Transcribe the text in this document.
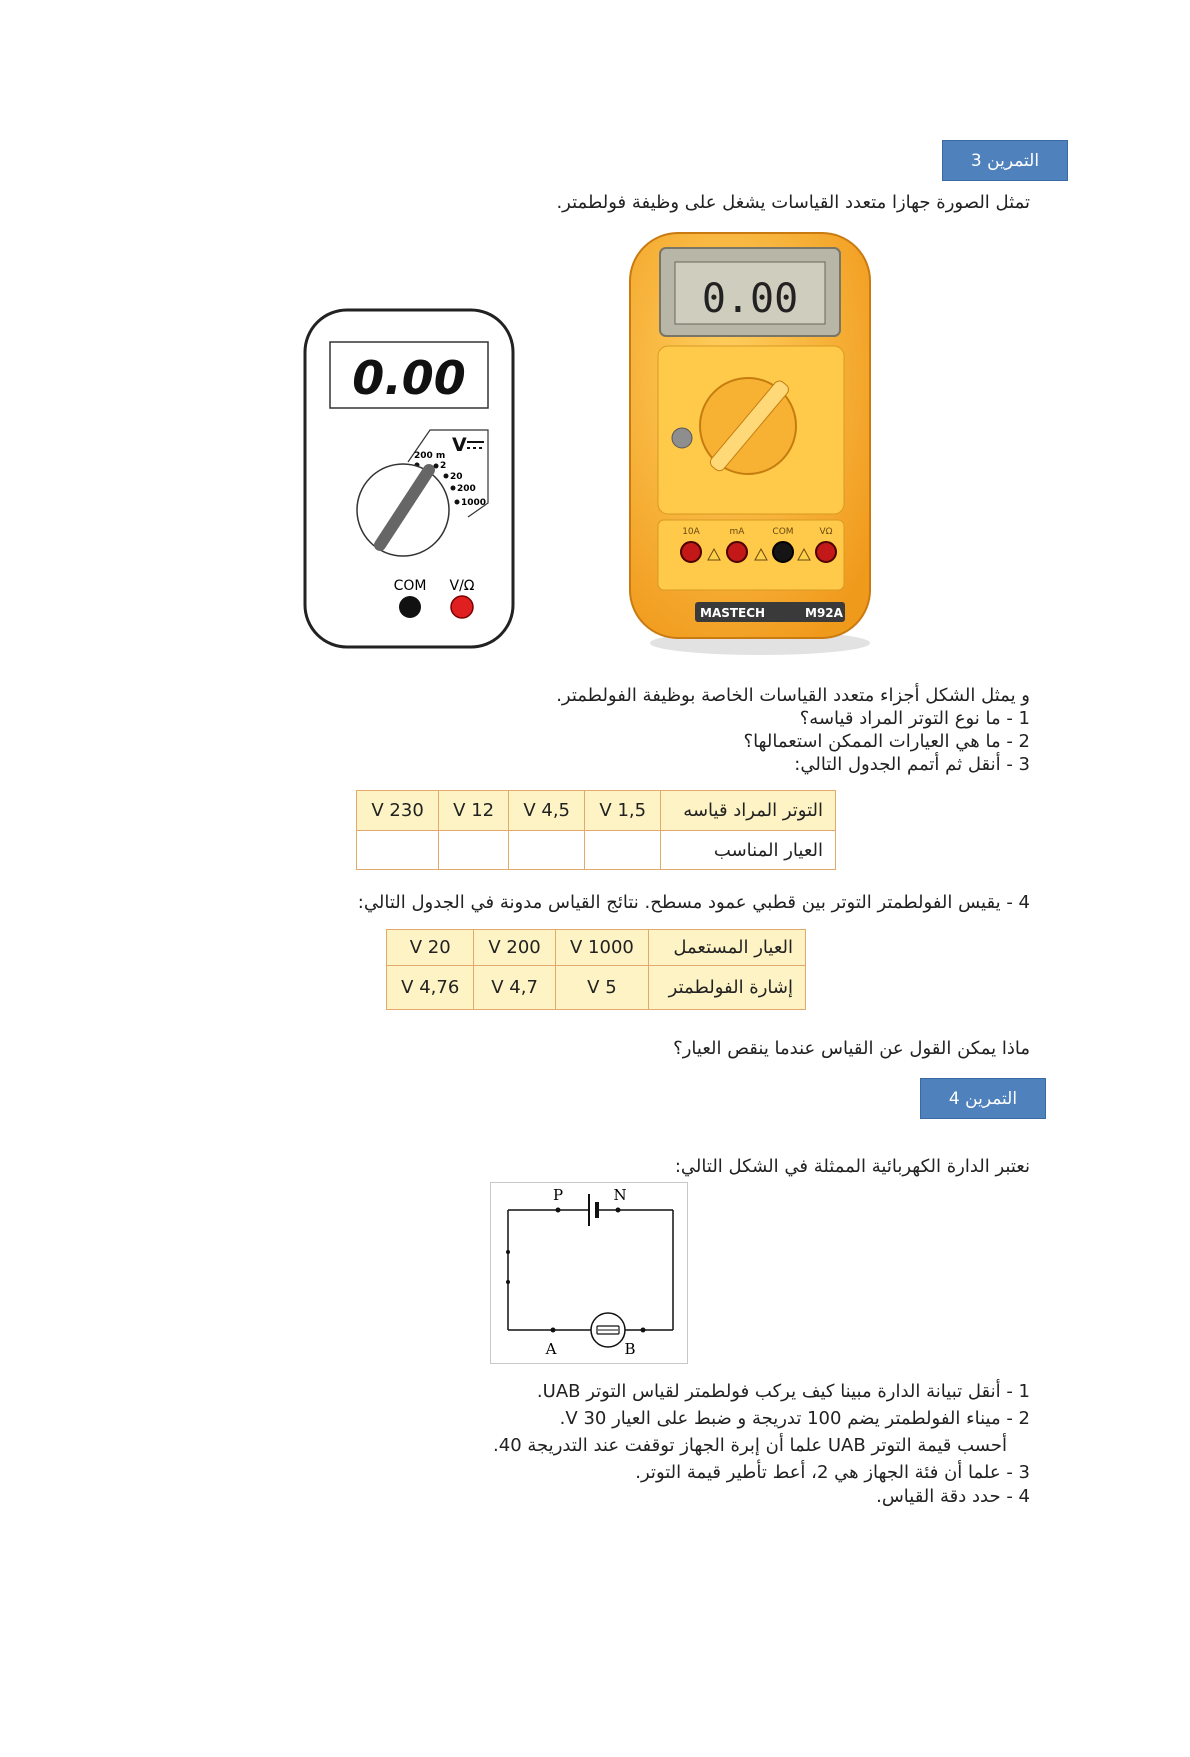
التمرين 3
تمثل الصورة جهازا متعدد القياسات يشغل على وظيفة فولطمتر.
0.00
V
200 m
2
20
200
1000
COM V/Ω
0.00
10A	mA	COM	VΩ
MASTECH	M92A
و يمثل الشكل أجزاء متعدد القياسات الخاصة بوظيفة الفولطمتر.
1 - ما نوع التوتر المراد قياسه؟
2 - ما هي العيارات الممكن استعمالها؟
3 - أنقل ثم أتمم الجدول التالي:
التوتر المراد قياسه	1,5 V	4,5 V	12 V	230 V
العيار المناسب				
4 - يقيس الفولطمتر التوتر بين قطبي عمود مسطح. نتائج القياس مدونة في الجدول التالي:
العيار المستعمل	1000 V	200 V	20 V
إشارة الفولطمتر	5 V	4,7 V	4,76 V
ماذا يمكن القول عن القياس عندما ينقص العيار؟
التمرين 4
نعتبر الدارة الكهربائية الممثلة في الشكل التالي:
P	N
A	B
1 - أنقل تبيانة الدارة مبينا كيف يركب فولطمتر لقياس التوتر UAB.
2 - ميناء الفولطمتر يضم 100 تدريجة و ضبط على العيار 30 V.
أحسب قيمة التوتر UAB علما أن إبرة الجهاز توقفت عند التدريجة 40.
3 - علما أن فئة الجهاز هي 2، أعط تأطير قيمة التوتر.
4 - حدد دقة القياس.
